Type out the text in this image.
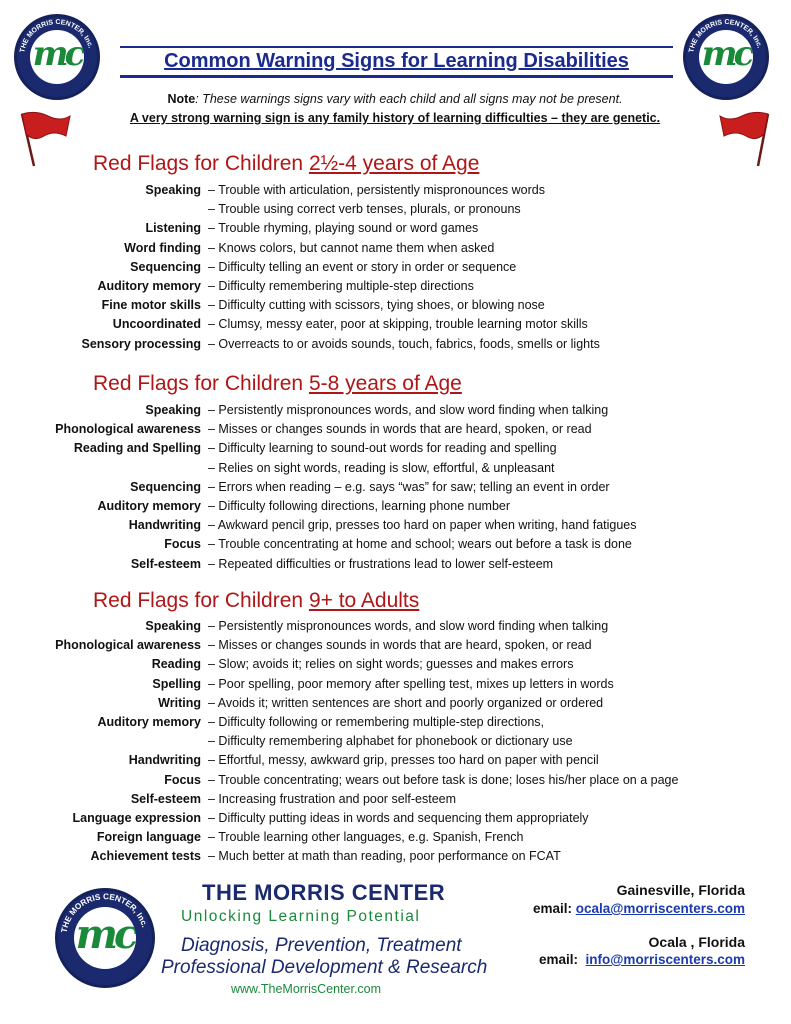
THE MORRIS CENTER, Inc.
mc	THE MORRIS CENTER, Inc.
mc
Common Warning Signs for Learning Disabilities
Note: These warnings signs vary with each child and all signs may not be present.
A very strong warning sign is any family history of learning difficulties – they are genetic.
Red Flags for Children 2½-4 years of Age
Speaking – Trouble with articulation, persistently mispronounces words
– Trouble using correct verb tenses, plurals, or pronouns
Listening – Trouble rhyming, playing sound or word games
Word finding – Knows colors, but cannot name them when asked
Sequencing – Difficulty telling an event or story in order or sequence
Auditory memory – Difficulty remembering multiple-step directions
Fine motor skills – Difficulty cutting with scissors, tying shoes, or blowing nose
Uncoordinated – Clumsy, messy eater, poor at skipping, trouble learning motor skills
Sensory processing – Overreacts to or avoids sounds, touch, fabrics, foods, smells or lights
Red Flags for Children 5-8 years of Age
Speaking – Persistently mispronounces words, and slow word finding when talking
Phonological awareness – Misses or changes sounds in words that are heard, spoken, or read
Reading and Spelling – Difficulty learning to sound-out words for reading and spelling
– Relies on sight words, reading is slow, effortful, & unpleasant
Sequencing – Errors when reading – e.g. says “was” for saw; telling an event in order
Auditory memory – Difficulty following directions, learning phone number
Handwriting – Awkward pencil grip, presses too hard on paper when writing, hand fatigues
Focus – Trouble concentrating at home and school; wears out before a task is done
Self-esteem – Repeated difficulties or frustrations lead to lower self-esteem
Red Flags for Children 9+ to Adults
Speaking – Persistently mispronounces words, and slow word finding when talking
Phonological awareness – Misses or changes sounds in words that are heard, spoken, or read
Reading – Slow; avoids it; relies on sight words; guesses and makes errors
Spelling – Poor spelling, poor memory after spelling test, mixes up letters in words
Writing – Avoids it; written sentences are short and poorly organized or ordered
Auditory memory – Difficulty following or remembering multiple-step directions,
– Difficulty remembering alphabet for phonebook or dictionary use
Handwriting – Effortful, messy, awkward grip, presses too hard on paper with pencil
Focus – Trouble concentrating; wears out before task is done; loses his/her place on a page
Self-esteem – Increasing frustration and poor self-esteem
Language expression – Difficulty putting ideas in words and sequencing them appropriately
Foreign language – Trouble learning other languages, e.g. Spanish, French
Achievement tests – Much better at math than reading, poor performance on FCAT
THE MORRIS CENTER, Inc.
mc
THE MORRIS CENTER
Unlocking Learning Potential
Diagnosis, Prevention, Treatment
Professional Development & Research
www.TheMorrisCenter.com
Gainesville, Florida
email: ocala@morriscenters.com
Ocala , Florida
email: info@morriscenters.com
